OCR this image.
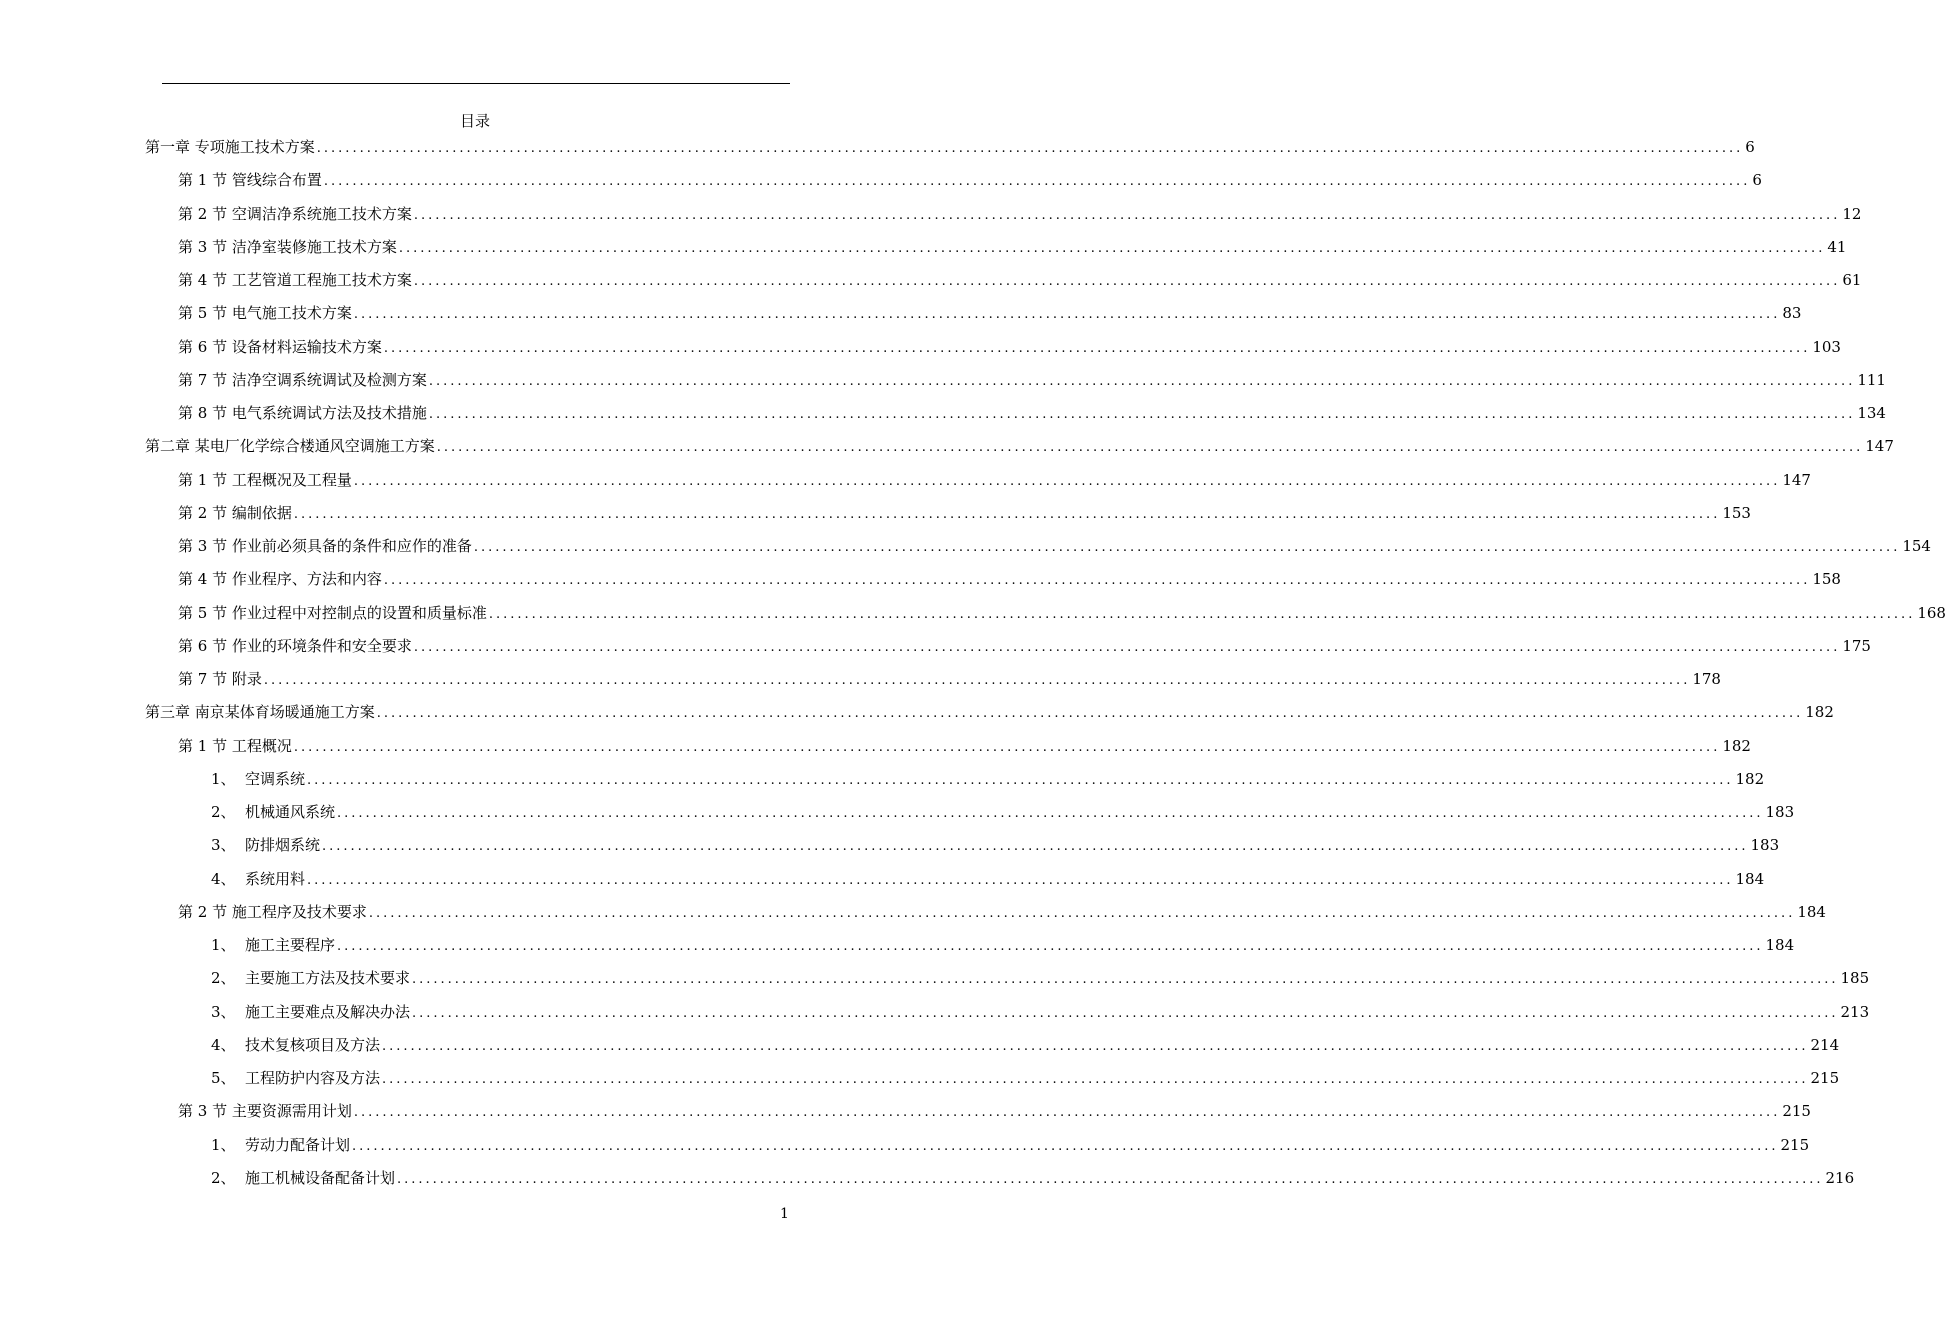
目录
第一章 专项施工技术方案 ........................................................................................................................................................................................................ 6
第 1 节 管线综合布置 ........................................................................................................................................................................................................ 6
第 2 节 空调洁净系统施工技术方案 ........................................................................................................................................................................................................ 12
第 3 节 洁净室装修施工技术方案 ........................................................................................................................................................................................................ 41
第 4 节 工艺管道工程施工技术方案 ........................................................................................................................................................................................................ 61
第 5 节 电气施工技术方案 ........................................................................................................................................................................................................ 83
第 6 节 设备材料运输技术方案 ........................................................................................................................................................................................................ 103
第 7 节 洁净空调系统调试及检测方案 ........................................................................................................................................................................................................ 111
第 8 节 电气系统调试方法及技术措施 ........................................................................................................................................................................................................ 134
第二章 某电厂化学综合楼通风空调施工方案 ........................................................................................................................................................................................................ 147
第 1 节 工程概况及工程量 ........................................................................................................................................................................................................ 147
第 2 节 编制依据 ........................................................................................................................................................................................................ 153
第 3 节 作业前必须具备的条件和应作的准备 ........................................................................................................................................................................................................ 154
第 4 节 作业程序、方法和内容 ........................................................................................................................................................................................................ 158
第 5 节 作业过程中对控制点的设置和质量标准 ........................................................................................................................................................................................................ 168
第 6 节 作业的环境条件和安全要求 ........................................................................................................................................................................................................ 175
第 7 节 附录 ........................................................................................................................................................................................................ 178
第三章 南京某体育场暖通施工方案 ........................................................................................................................................................................................................ 182
第 1 节 工程概况 ........................................................................................................................................................................................................ 182
1、 空调系统 ........................................................................................................................................................................................................ 182
2、 机械通风系统 ........................................................................................................................................................................................................ 183
3、 防排烟系统 ........................................................................................................................................................................................................ 183
4、 系统用料 ........................................................................................................................................................................................................ 184
第 2 节 施工程序及技术要求 ........................................................................................................................................................................................................ 184
1、 施工主要程序 ........................................................................................................................................................................................................ 184
2、 主要施工方法及技术要求 ........................................................................................................................................................................................................ 185
3、 施工主要难点及解决办法 ........................................................................................................................................................................................................ 213
4、 技术复核项目及方法 ........................................................................................................................................................................................................ 214
5、 工程防护内容及方法 ........................................................................................................................................................................................................ 215
第 3 节 主要资源需用计划 ........................................................................................................................................................................................................ 215
1、 劳动力配备计划 ........................................................................................................................................................................................................ 215
2、 施工机械设备配备计划 ........................................................................................................................................................................................................ 216
1
